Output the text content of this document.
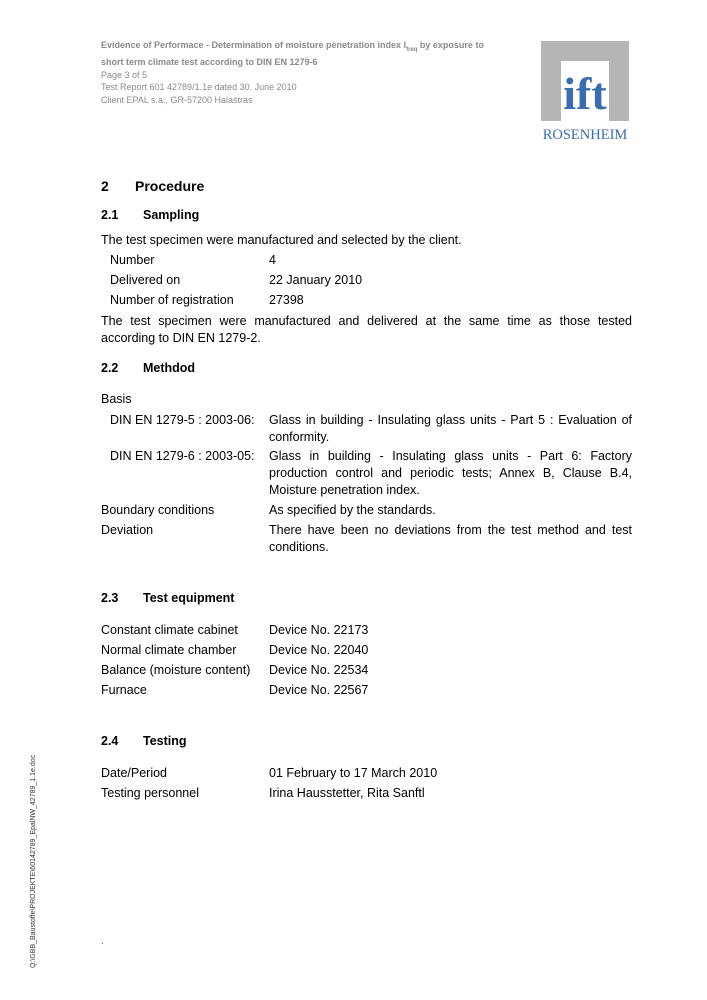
Evidence of Performace - Determination of moisture penetration index $I_{freq}$ by exposure to
short term climate test according to DIN EN 1279-6
Page 3 of 5
Test Report 601 42789/1.1e dated 30. June 2010
Client EPAL s.a., GR-57200 Halastras	ift
ROSENHEIM
2 Procedure
2.1 Sampling
The test specimen were manufactured and selected by the client.
Number	4
Delivered on	22 January 2010
Number of registration	27398
The test specimen were manufactured and delivered at the same time as those tested according to DIN EN 1279-2.
2.2 Methdod
Basis
DIN EN 1279-5 : 2003-06: Glass in building - Insulating glass units - Part 5 : Evaluation of conformity.
DIN EN 1279-6 : 2003-05: Glass in building - Insulating glass units - Part 6: Factory production control and periodic tests; Annex B, Clause B.4, Moisture penetration index.
Boundary conditions	As specified by the standards.
Deviation	There have been no deviations from the test method and test conditions.
2.3 Test equipment
Constant climate cabinet Device No. 22173
Normal climate chamber	Device No. 22040
Balance (moisture content) Device No. 22534
Furnace	Device No. 22567
2.4 Testing
Date/Period	01 February to 17 March 2010
Testing personnel	Irina Hausstetter, Rita Sanftl
Q:\GBB_Baustoffe\PROJEKTE\60142789_EpalNW_42789_1.1e.doc	.
